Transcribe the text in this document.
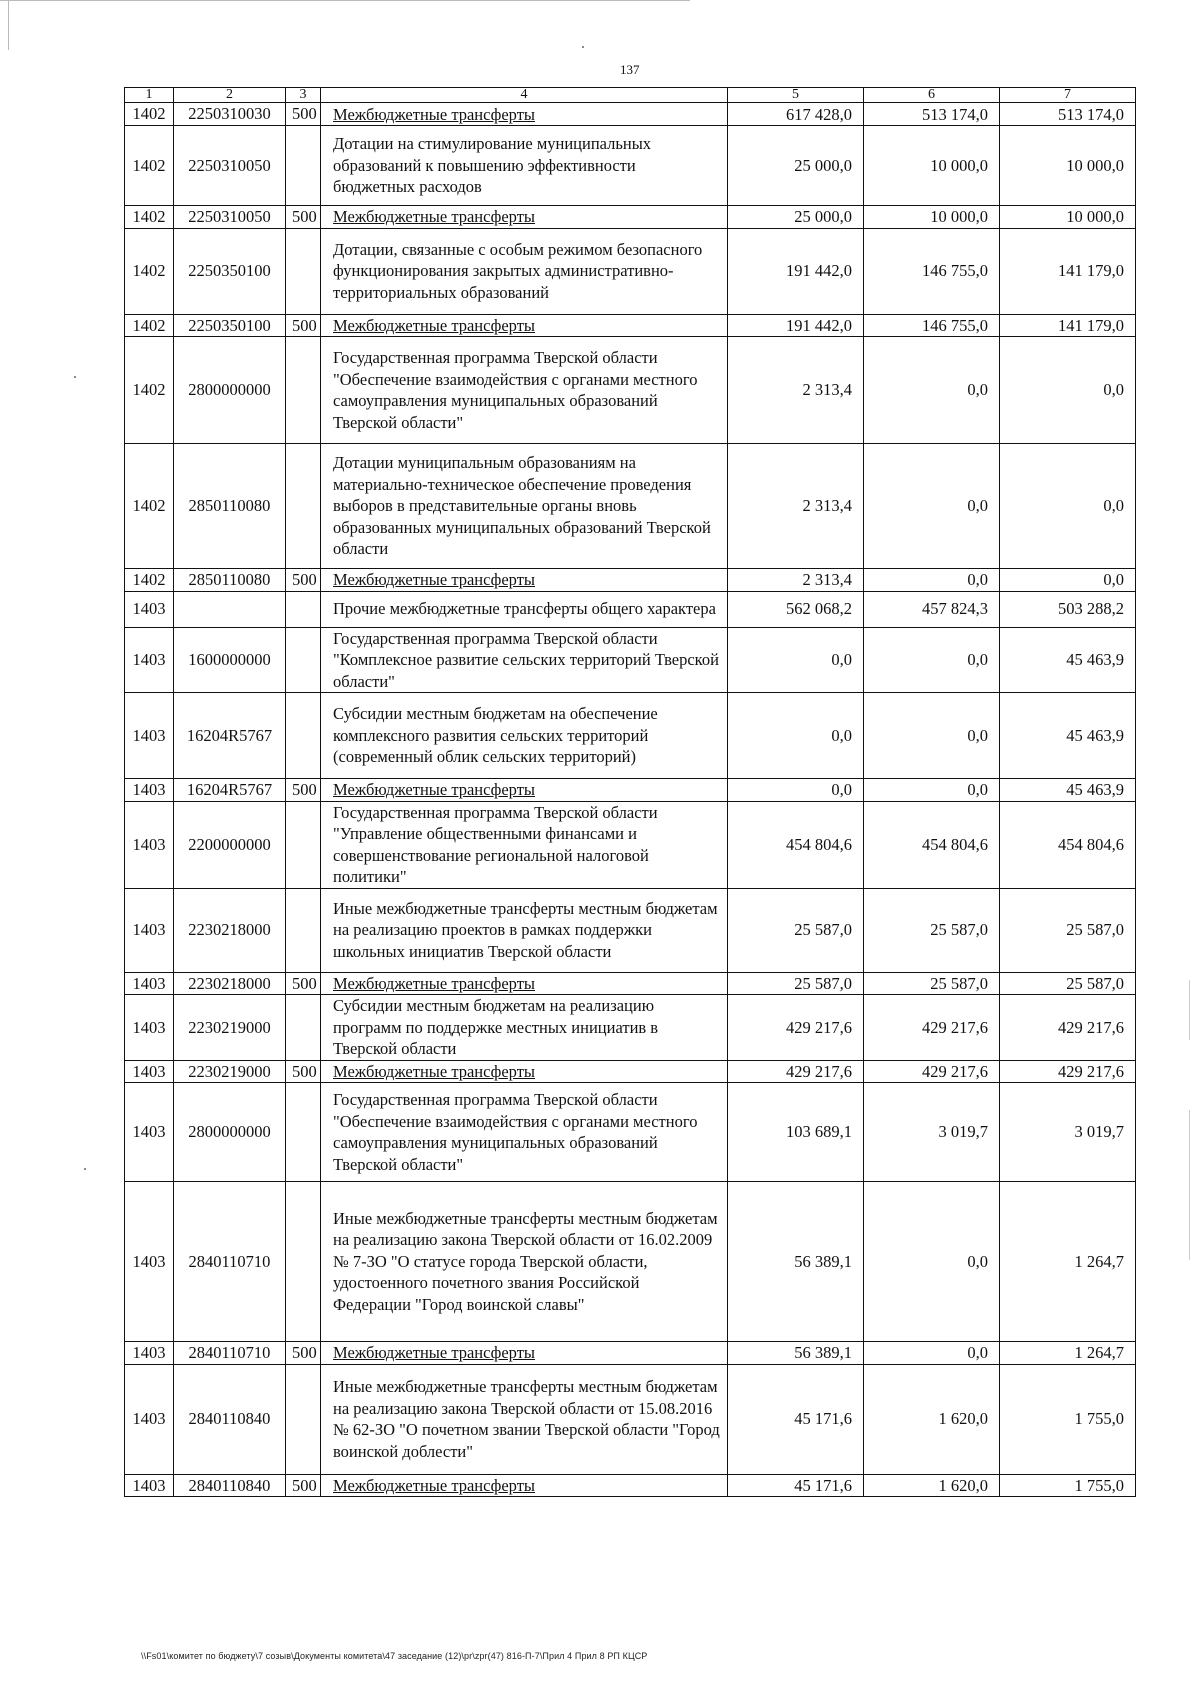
137
1	2	3	4	5	6	7
1402	2250310030	500	Межбюджетные трансферты	617 428,0	513 174,0	513 174,0
1402	2250310050		Дотации на стимулирование муниципальных образований к повышению эффективности бюджетных расходов	25 000,0	10 000,0	10 000,0
1402	2250310050	500	Межбюджетные трансферты	25 000,0	10 000,0	10 000,0
1402	2250350100		Дотации, связанные с особым режимом безопасного функционирования закрытых административно-территориальных образований	191 442,0	146 755,0	141 179,0
1402	2250350100	500	Межбюджетные трансферты	191 442,0	146 755,0	141 179,0
1402	2800000000		Государственная программа Тверской области "Обеспечение взаимодействия с органами местного самоуправления муниципальных образований Тверской области"	2 313,4	0,0	0,0
1402	2850110080		Дотации муниципальным образованиям на материально-техническое обеспечение проведения выборов в представительные органы вновь образованных муниципальных образований Тверской области	2 313,4	0,0	0,0
1402	2850110080	500	Межбюджетные трансферты	2 313,4	0,0	0,0
1403			Прочие межбюджетные трансферты общего характера	562 068,2	457 824,3	503 288,2
1403	1600000000		Государственная программа Тверской области "Комплексное развитие сельских территорий Тверской области"	0,0	0,0	45 463,9
1403	16204R5767		Субсидии местным бюджетам на обеспечение комплексного развития сельских территорий (современный облик сельских территорий)	0,0	0,0	45 463,9
1403	16204R5767	500	Межбюджетные трансферты	0,0	0,0	45 463,9
1403	2200000000		Государственная программа Тверской области "Управление общественными финансами и совершенствование региональной налоговой политики"	454 804,6	454 804,6	454 804,6
1403	2230218000		Иные межбюджетные трансферты местным бюджетам на реализацию проектов в рамках поддержки школьных инициатив Тверской области	25 587,0	25 587,0	25 587,0
1403	2230218000	500	Межбюджетные трансферты	25 587,0	25 587,0	25 587,0
1403	2230219000		Субсидии местным бюджетам на реализацию программ по поддержке местных инициатив в Тверской области	429 217,6	429 217,6	429 217,6
1403	2230219000	500	Межбюджетные трансферты	429 217,6	429 217,6	429 217,6
1403	2800000000		Государственная программа Тверской области "Обеспечение взаимодействия с органами местного самоуправления муниципальных образований Тверской области"	103 689,1	3 019,7	3 019,7
1403	2840110710		Иные межбюджетные трансферты местным бюджетам на реализацию закона Тверской области от 16.02.2009 № 7-ЗО "О статусе города Тверской области, удостоенного почетного звания Российской Федерации "Город воинской славы"	56 389,1	0,0	1 264,7
1403	2840110710	500	Межбюджетные трансферты	56 389,1	0,0	1 264,7
1403	2840110840		Иные межбюджетные трансферты местным бюджетам на реализацию закона Тверской области от 15.08.2016 № 62-ЗО "О почетном звании Тверской области "Город воинской доблести"	45 171,6	1 620,0	1 755,0
1403	2840110840	500	Межбюджетные трансферты	45 171,6	1 620,0	1 755,0
\\Fs01\комитет по бюджету\7 созыв\Документы комитета\47 заседание (12)\pr\zpr(47) 816-П-7\Прил 4 Прил 8 РП КЦСР
